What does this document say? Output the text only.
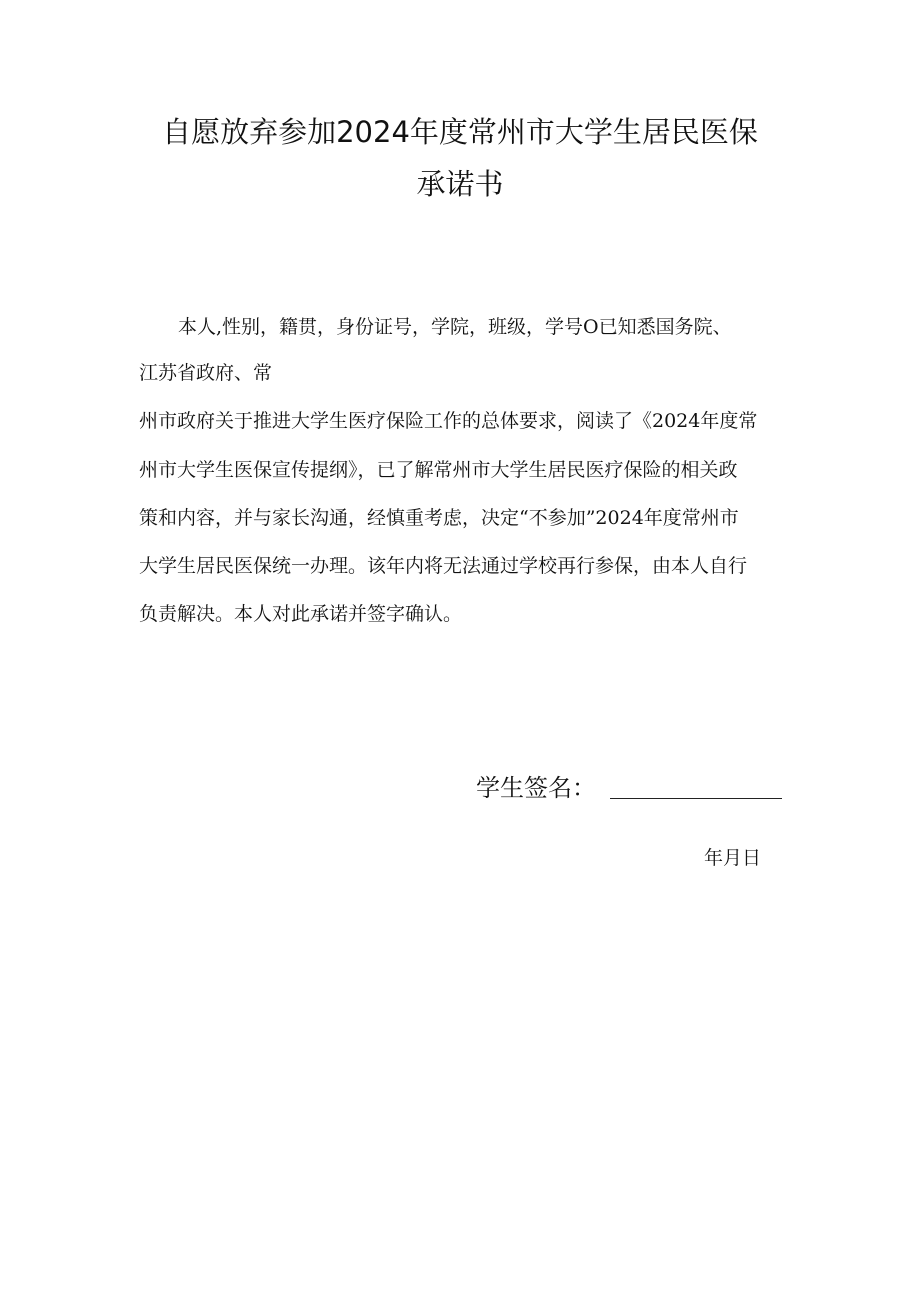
自愿放弃参加2024年度常州市大学生居民医保
承诺书
本人,性别，籍贯，身份证号，学院，班级，学号O已知悉国务院、
江苏省政府、常
州市政府关于推进大学生医疗保险工作的总体要求，阅读了《2024年度常
州市大学生医保宣传提纲》，已了解常州市大学生居民医疗保险的相关政
策和内容，并与家长沟通，经慎重考虑，决定“不参加”2024年度常州市
大学生居民医保统一办理。该年内将无法通过学校再行参保，由本人自行
负责解决。本人对此承诺并签字确认。
学生签名：
年月日
